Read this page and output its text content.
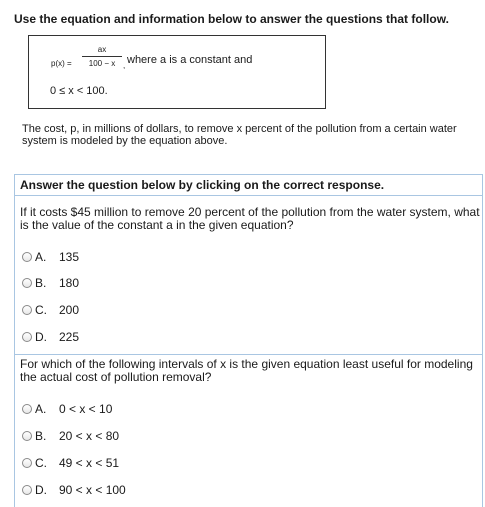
Use the equation and information below to answer the questions that follow.
p(x) =
ax
100 − x , where a is a constant and
0 ≤ x < 100.
The cost, p, in millions of dollars, to remove x percent of the pollution from a certain water system is modeled by the equation above.
Answer the question below by clicking on the correct response.
If it costs $45 million to remove 20 percent of the pollution from the water system, what is the value of the constant a in the given equation?
A.	135
B.	180
C.	200
D.	225
For which of the following intervals of x is the given equation least useful for modeling the actual cost of pollution removal?
A.	0 < x < 10
B.	20 < x < 80
C.	49 < x < 51
D.	90 < x < 100
